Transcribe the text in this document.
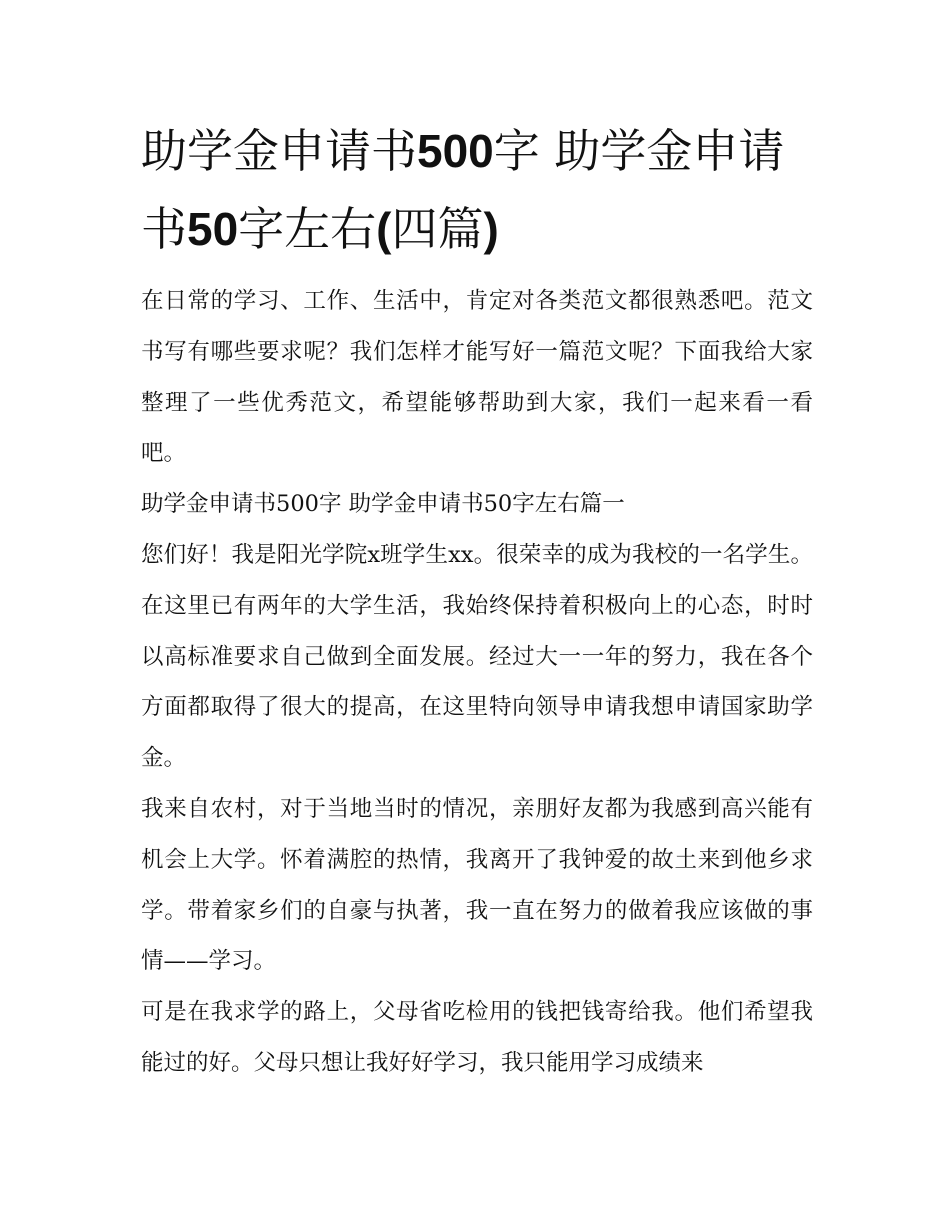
助学金申请书500字 助学金申请书50字左右(四篇)

在日常的学习、工作、生活中，肯定对各类范文都很熟悉吧。范文书写有哪些要求呢？我们怎样才能写好一篇范文呢？下面我给大家整理了一些优秀范文，希望能够帮助到大家，我们一起来看一看吧。

助学金申请书500字 助学金申请书50字左右篇一

您们好！我是阳光学院x班学生xx。很荣幸的成为我校的一名学生。在这里已有两年的大学生活，我始终保持着积极向上的心态，时时以高标准要求自己做到全面发展。经过大一一年的努力，我在各个方面都取得了很大的提高，在这里特向领导申请我想申请国家助学金。

我来自农村，对于当地当时的情况，亲朋好友都为我感到高兴能有机会上大学。怀着满腔的热情，我离开了我钟爱的故土来到他乡求学。带着家乡们的自豪与执著，我一直在努力的做着我应该做的事情——学习。

可是在我求学的路上，父母省吃检用的钱把钱寄给我。他们希望我能过的好。父母只想让我好好学习，我只能用学习成绩来
